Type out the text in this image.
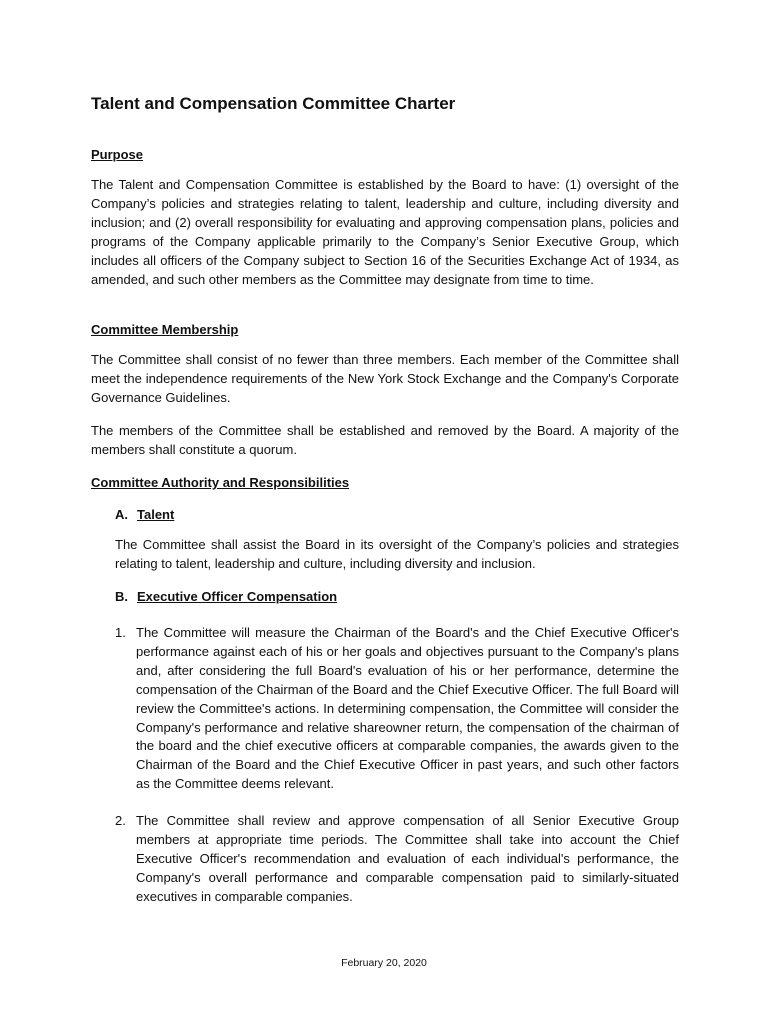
Talent and Compensation Committee Charter
Purpose

The Talent and Compensation Committee is established by the Board to have: (1) oversight of the Company’s policies and strategies relating to talent, leadership and culture, including diversity and inclusion; and (2) overall responsibility for evaluating and approving compensation plans, policies and programs of the Company applicable primarily to the Company’s Senior Executive Group, which includes all officers of the Company subject to Section 16 of the Securities Exchange Act of 1934, as amended, and such other members as the Committee may designate from time to time.

Committee Membership

The Committee shall consist of no fewer than three members. Each member of the Committee shall meet the independence requirements of the New York Stock Exchange and the Company's Corporate Governance Guidelines.

The members of the Committee shall be established and removed by the Board. A majority of the members shall constitute a quorum.

Committee Authority and Responsibilities
A. Talent

The Committee shall assist the Board in its oversight of the Company’s policies and strategies relating to talent, leadership and culture, including diversity and inclusion.

B. Executive Officer Compensation
1. The Committee will measure the Chairman of the Board's and the Chief Executive Officer's performance against each of his or her goals and objectives pursuant to the Company's plans and, after considering the full Board's evaluation of his or her performance, determine the compensation of the Chairman of the Board and the Chief Executive Officer. The full Board will review the Committee's actions. In determining compensation, the Committee will consider the Company's performance and relative shareowner return, the compensation of the chairman of the board and the chief executive officers at comparable companies, the awards given to the Chairman of the Board and the Chief Executive Officer in past years, and such other factors as the Committee deems relevant.
2. The Committee shall review and approve compensation of all Senior Executive Group members at appropriate time periods. The Committee shall take into account the Chief Executive Officer's recommendation and evaluation of each individual's performance, the Company's overall performance and comparable compensation paid to similarly-situated executives in comparable companies.

February 20, 2020
